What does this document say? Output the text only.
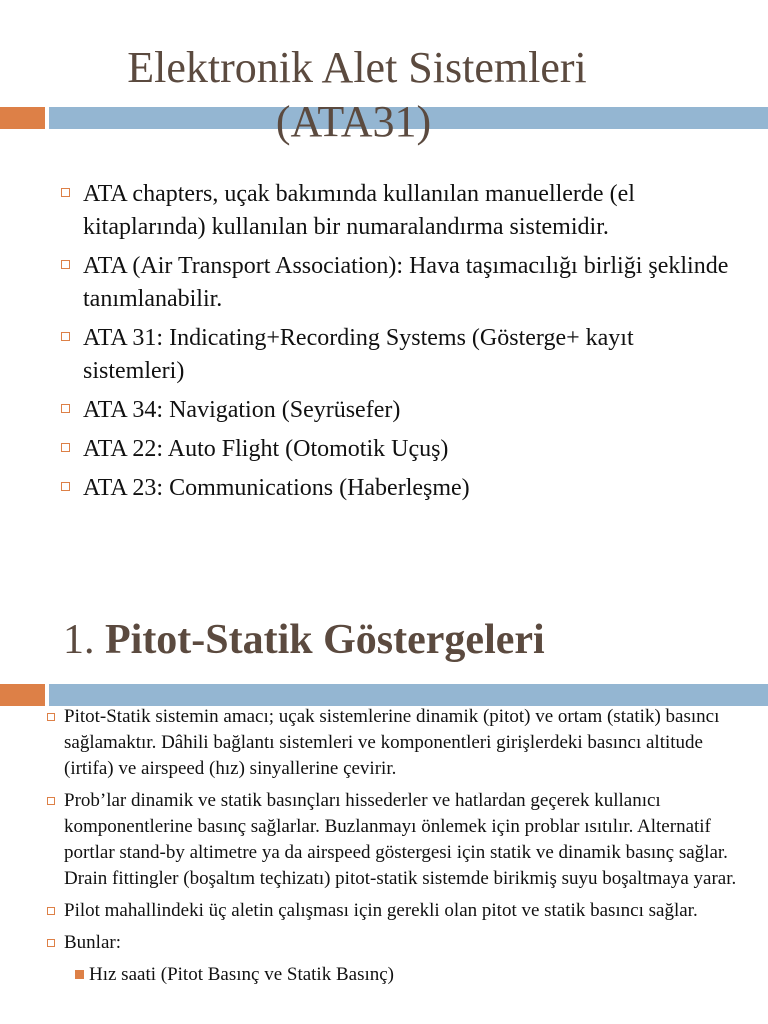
Elektronik Alet Sistemleri
(ATA31)
ATA chapters, uçak bakımında kullanılan manuellerde (el kitaplarında) kullanılan bir numaralandırma sistemidir.
ATA (Air Transport Association): Hava taşımacılığı birliği şeklinde tanımlanabilir.
ATA 31: Indicating+Recording Systems (Gösterge+ kayıt sistemleri)
ATA 34: Navigation (Seyrüsefer)
ATA 22: Auto Flight (Otomotik Uçuş)
ATA 23: Communications (Haberleşme)
1. Pitot-Statik Göstergeleri
Pitot-Statik sistemin amacı; uçak sistemlerine dinamik (pitot) ve ortam (statik) basıncı sağlamaktır. Dâhili bağlantı sistemleri ve komponentleri girişlerdeki basıncı altitude (irtifa) ve airspeed (hız) sinyallerine çevirir.
Prob’lar dinamik ve statik basınçları hissederler ve hatlardan geçerek kullanıcı komponentlerine basınç sağlarlar. Buzlanmayı önlemek için problar ısıtılır. Alternatif portlar stand-by altimetre ya da airspeed göstergesi için statik ve dinamik basınç sağlar. Drain fittingler (boşaltım teçhizatı) pitot-statik sistemde birikmiş suyu boşaltmaya yarar.
Pilot mahallindeki üç aletin çalışması için gerekli olan pitot ve statik basıncı sağlar.
Bunlar:
Hız saati (Pitot Basınç ve Statik Basınç)
